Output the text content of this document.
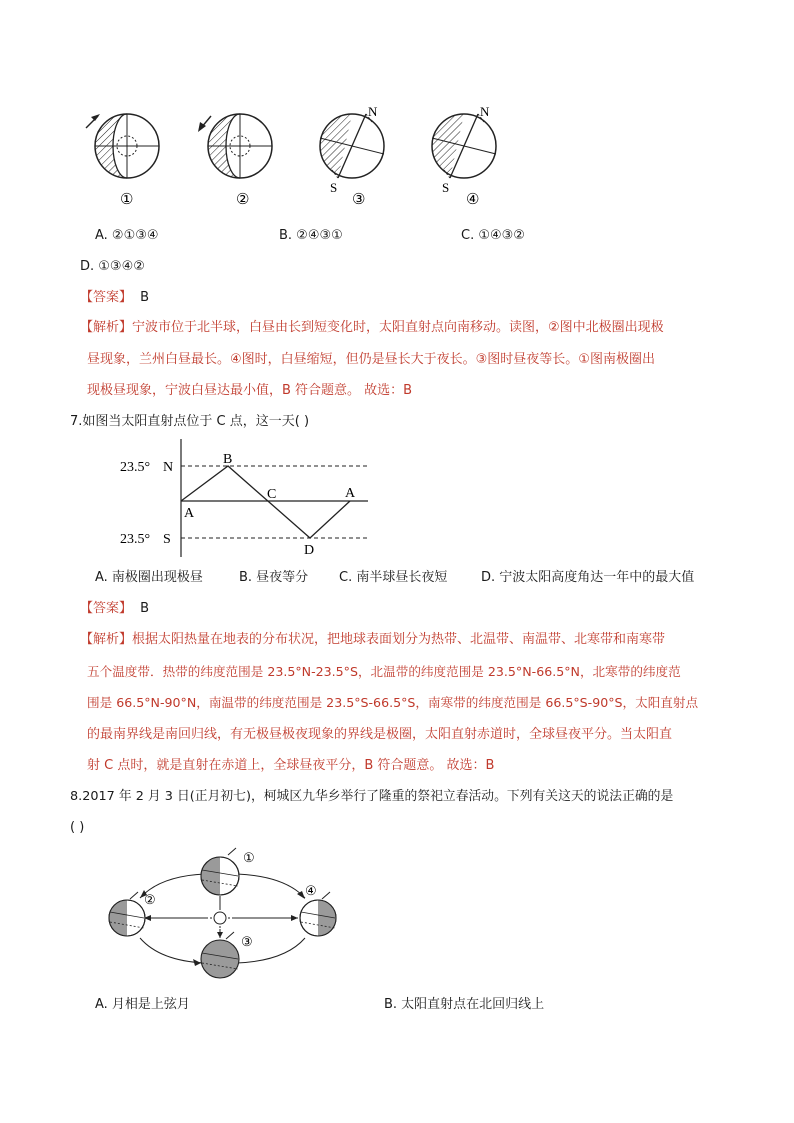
N	N
S	S
①	②	③	④
A. ②①③④	B. ②④③①	C. ①④③②
D. ①③④②
【答案】 B
【解析】宁波市位于北半球，白昼由长到短变化时，太阳直射点向南移动。读图，②图中北极圈出现极
昼现象，兰州白昼最长。④图时，白昼缩短，但仍是昼长大于夜长。③图时昼夜等长。①图南极圈出
现极昼现象，宁波白昼达最小值，B 符合题意。 故选：B
7.如图当太阳直射点位于 C 点，这一天( )
23.5° N
23.5° S
A
B
C	A
D
A. 南极圈出现极昼	B. 昼夜等分 C. 南半球昼长夜短	D. 宁波太阳高度角达一年中的最大值
【答案】 B
【解析】根据太阳热量在地表的分布状况，把地球表面划分为热带、北温带、南温带、北寒带和南寒带
五个温度带．热带的纬度范围是 23.5°N-23.5°S，北温带的纬度范围是 23.5°N-66.5°N，北寒带的纬度范
围是 66.5°N-90°N，南温带的纬度范围是 23.5°S-66.5°S，南寒带的纬度范围是 66.5°S-90°S，太阳直射点
的最南界线是南回归线，有无极昼极夜现象的界线是极圈，太阳直射赤道时，全球昼夜平分。当太阳直
射 C 点时，就是直射在赤道上，全球昼夜平分，B 符合题意。 故选：B
8.2017 年 2 月 3 日(正月初七)，柯城区九华乡举行了隆重的祭祀立春活动。下列有关这天的说法正确的是
( )
①
②
③
④
A. 月相是上弦月	B. 太阳直射点在北回归线上
